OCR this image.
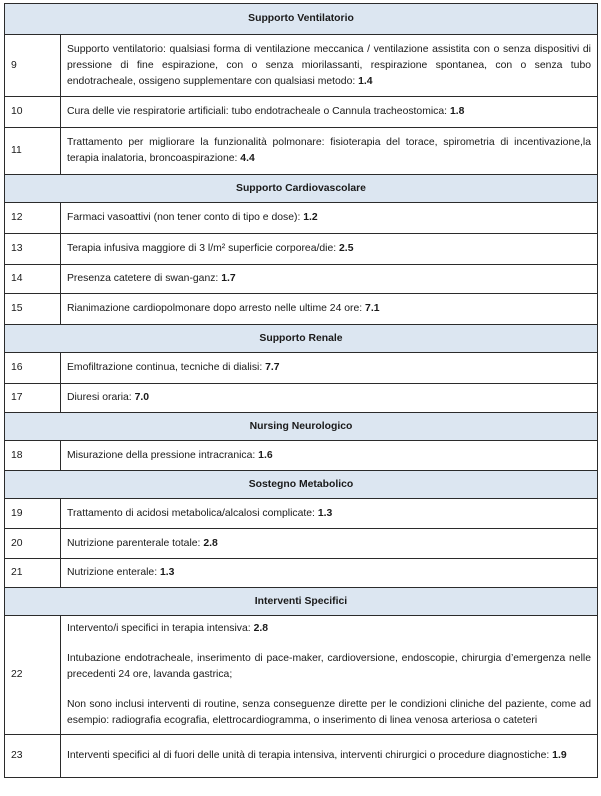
Supporto Ventilatorio	
9	Supporto ventilatorio: qualsiasi forma di ventilazione meccanica / ventilazione assistita con o senza dispositivi di pressione di fine espirazione, con o senza miorilassanti, respirazione spontanea, con o senza tubo endotracheale, ossigeno supplementare con qualsiasi metodo: 1.4
10	Cura delle vie respiratorie artificiali: tubo endotracheale o Cannula tracheostomica: 1.8
11	Trattamento per migliorare la funzionalità polmonare: fisioterapia del torace, spirometria di incentivazione,la terapia inalatoria, broncoaspirazione: 4.4
Supporto Cardiovascolare	
12	Farmaci vasoattivi (non tener conto di tipo e dose): 1.2
13	Terapia infusiva maggiore di 3 l/m² superficie corporea/die: 2.5
14	Presenza catetere di swan-ganz: 1.7
15	Rianimazione cardiopolmonare dopo arresto nelle ultime 24 ore: 7.1
Supporto Renale	
16	Emofiltrazione continua, tecniche di dialisi: 7.7
17	Diuresi oraria: 7.0
Nursing Neurologico	
18	Misurazione della pressione intracranica: 1.6
Sostegno Metabolico	
19	Trattamento di acidosi metabolica/alcalosi complicate: 1.3
20	Nutrizione parenterale totale: 2.8
21	Nutrizione enterale: 1.3
Interventi Specifici	
22	Intervento/i specifici in terapia intensiva: 2.8

Intubazione endotracheale, inserimento di pace-maker, cardioversione, endoscopie, chirurgia d’emergenza nelle precedenti 24 ore, lavanda gastrica;

Non sono inclusi interventi di routine, senza conseguenze dirette per le condizioni cliniche del paziente, come ad esempio: radiografia ecografia, elettrocardiogramma, o inserimento di linea venosa arteriosa o cateteri

23	Interventi specifici al di fuori delle unità di terapia intensiva, interventi chirurgici o procedure diagnostiche: 1.9
